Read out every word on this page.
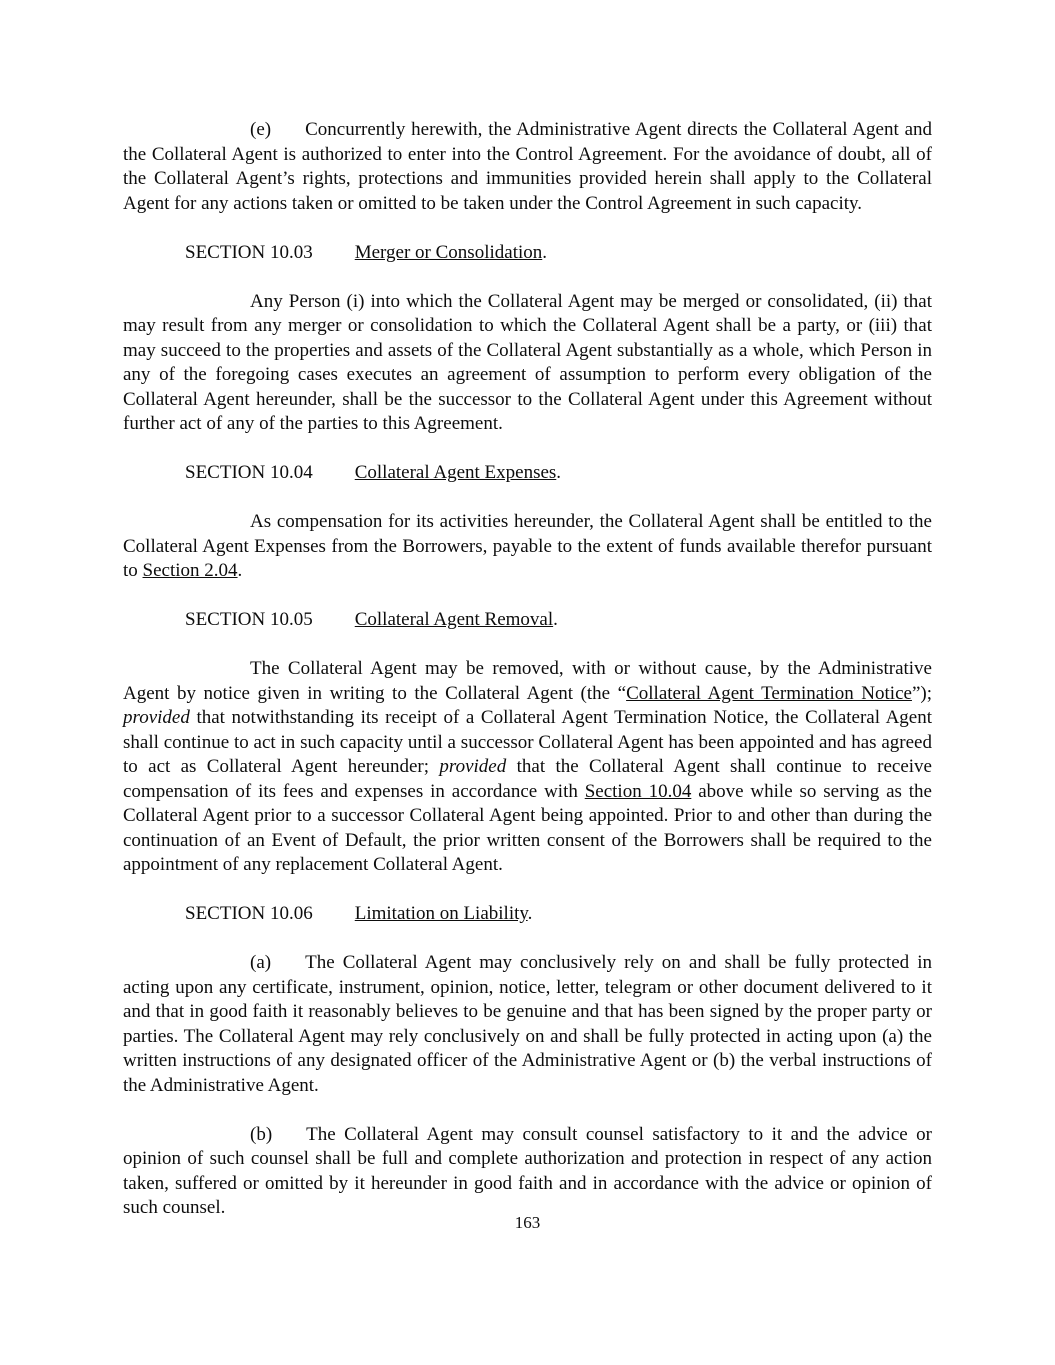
(e) Concurrently herewith, the Administrative Agent directs the Collateral Agent and the Collateral Agent is authorized to enter into the Control Agreement. For the avoidance of doubt, all of the Collateral Agent’s rights, protections and immunities provided herein shall apply to the Collateral Agent for any actions taken or omitted to be taken under the Control Agreement in such capacity.

SECTION 10.03 Merger or Consolidation.

Any Person (i) into which the Collateral Agent may be merged or consolidated, (ii) that may result from any merger or consolidation to which the Collateral Agent shall be a party, or (iii) that may succeed to the properties and assets of the Collateral Agent substantially as a whole, which Person in any of the foregoing cases executes an agreement of assumption to perform every obligation of the Collateral Agent hereunder, shall be the successor to the Collateral Agent under this Agreement without further act of any of the parties to this Agreement.

SECTION 10.04 Collateral Agent Expenses.

As compensation for its activities hereunder, the Collateral Agent shall be entitled to the Collateral Agent Expenses from the Borrowers, payable to the extent of funds available therefor pursuant to Section 2.04.

SECTION 10.05 Collateral Agent Removal.

The Collateral Agent may be removed, with or without cause, by the Administrative Agent by notice given in writing to the Collateral Agent (the “Collateral Agent Termination Notice”); provided that notwithstanding its receipt of a Collateral Agent Termination Notice, the Collateral Agent shall continue to act in such capacity until a successor Collateral Agent has been appointed and has agreed to act as Collateral Agent hereunder; provided that the Collateral Agent shall continue to receive compensation of its fees and expenses in accordance with Section 10.04 above while so serving as the Collateral Agent prior to a successor Collateral Agent being appointed. Prior to and other than during the continuation of an Event of Default, the prior written consent of the Borrowers shall be required to the appointment of any replacement Collateral Agent.

SECTION 10.06 Limitation on Liability.

(a) The Collateral Agent may conclusively rely on and shall be fully protected in acting upon any certificate, instrument, opinion, notice, letter, telegram or other document delivered to it and that in good faith it reasonably believes to be genuine and that has been signed by the proper party or parties. The Collateral Agent may rely conclusively on and shall be fully protected in acting upon (a) the written instructions of any designated officer of the Administrative Agent or (b) the verbal instructions of the Administrative Agent.

(b) The Collateral Agent may consult counsel satisfactory to it and the advice or opinion of such counsel shall be full and complete authorization and protection in respect of any action taken, suffered or omitted by it hereunder in good faith and in accordance with the advice or opinion of such counsel.

163
